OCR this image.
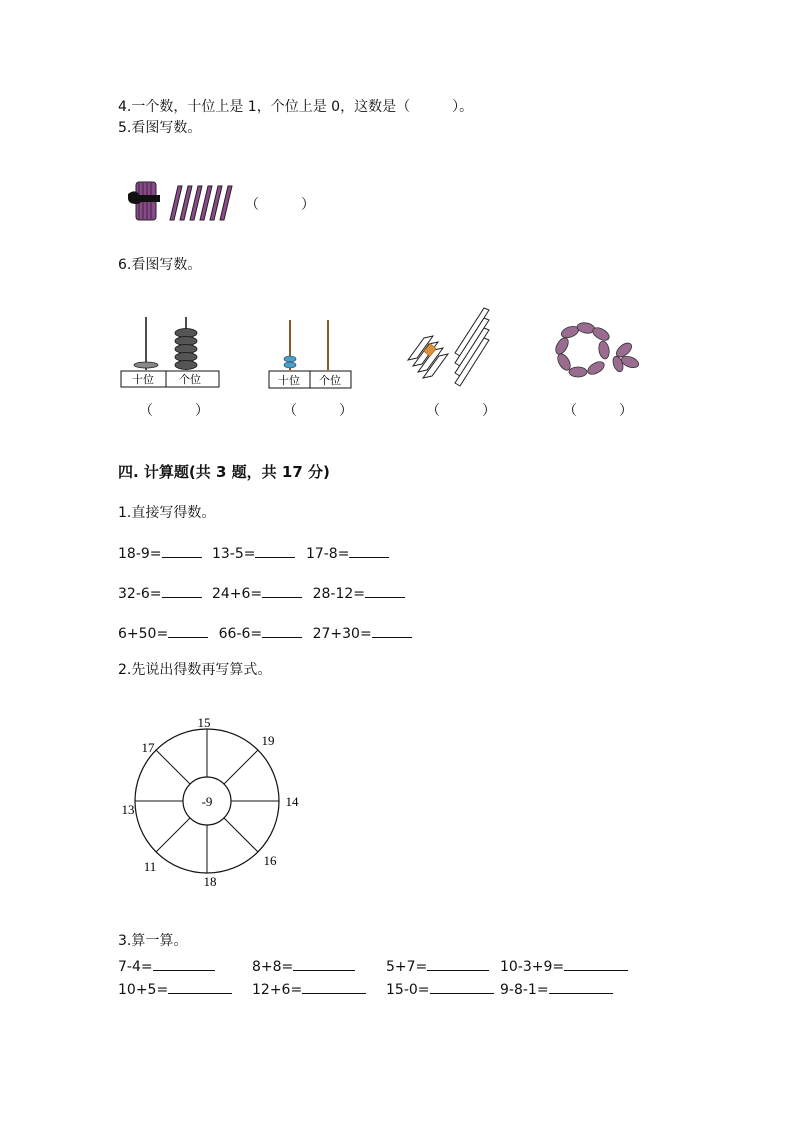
4.一个数，十位上是 1，个位上是 0，这数是（　　　）。
5.看图写数。
（　　　）
6.看图写数。
十位 个位	十位 个位
（　　　）	（　　　）	（　　　）	（　　　）
四. 计算题(共 3 题，共 17 分)
1.直接写得数。
18-9=	13-5=	17-8=
32-6=	24+6=	28-12=
6+50=	66-6=	27+30=
2.先说出得数再写算式。
-9
15
19
17
14
13
16
11
18
3.算一算。
7-4=	8+8=	5+7=	10-3+9=
10+5=	12+6=	15-0=	9-8-1=
